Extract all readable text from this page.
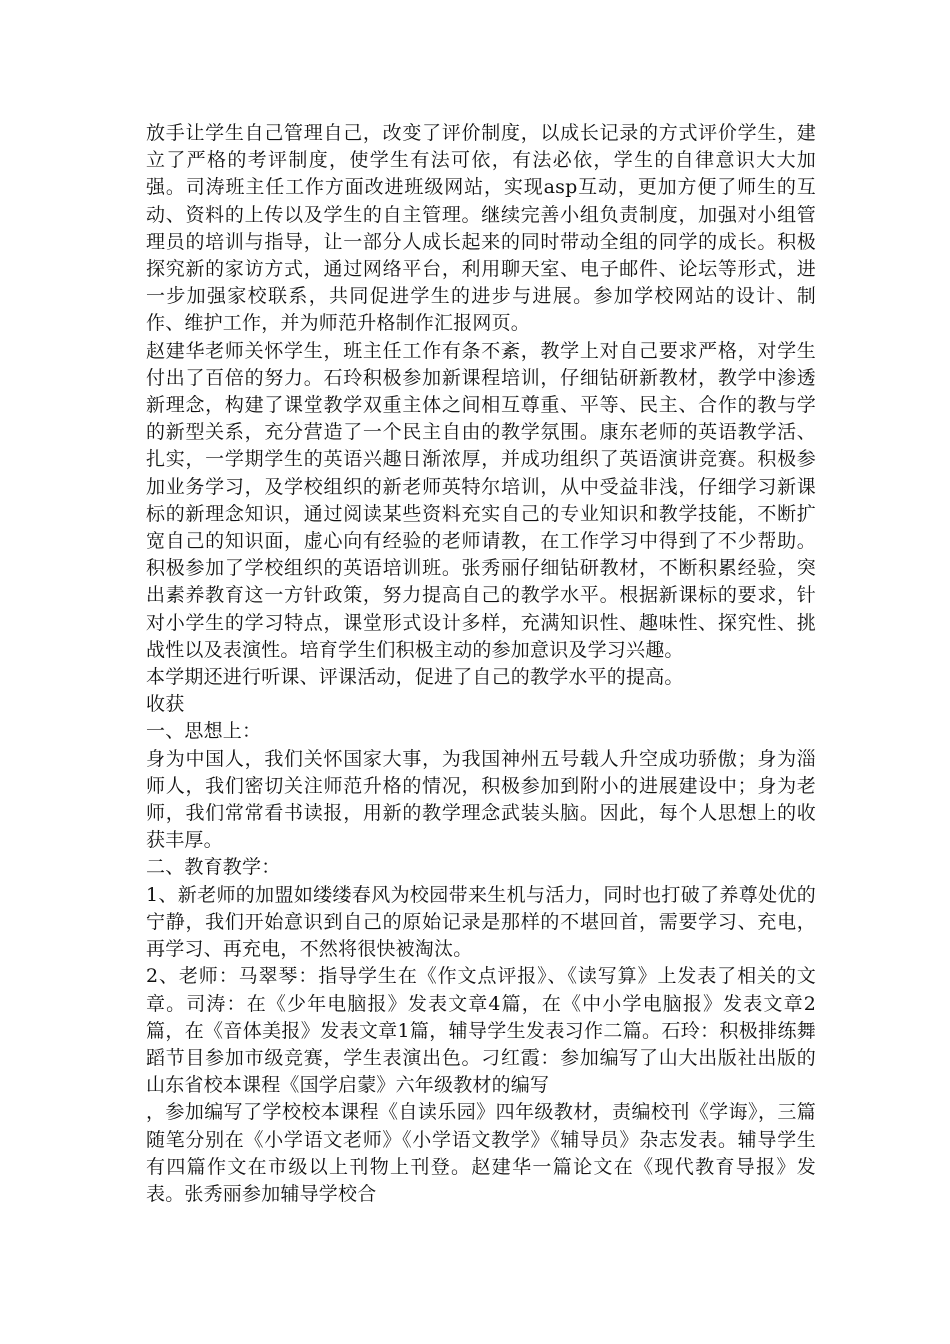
放手让学生自己管理自己，改变了评价制度，以成长记录的方式评价学生，建立了严格的考评制度，使学生有法可依，有法必依，学生的自律意识大大加强。司涛班主任工作方面改进班级网站，实现asp互动，更加方便了师生的互动、资料的上传以及学生的自主管理。继续完善小组负责制度，加强对小组管理员的培训与指导，让一部分人成长起来的同时带动全组的同学的成长。积极探究新的家访方式，通过网络平台，利用聊天室、电子邮件、论坛等形式，进一步加强家校联系，共同促进学生的进步与进展。参加学校网站的设计、制作、维护工作，并为师范升格制作汇报网页。

赵建华老师关怀学生，班主任工作有条不紊，教学上对自己要求严格，对学生付出了百倍的努力。石玲积极参加新课程培训，仔细钻研新教材，教学中渗透新理念，构建了课堂教学双重主体之间相互尊重、平等、民主、合作的教与学的新型关系，充分营造了一个民主自由的教学氛围。康东老师的英语教学活、扎实，一学期学生的英语兴趣日渐浓厚，并成功组织了英语演讲竞赛。积极参加业务学习，及学校组织的新老师英特尔培训，从中受益非浅，仔细学习新课标的新理念知识，通过阅读某些资料充实自己的专业知识和教学技能，不断扩宽自己的知识面，虚心向有经验的老师请教，在工作学习中得到了不少帮助。积极参加了学校组织的英语培训班。张秀丽仔细钻研教材，不断积累经验，突出素养教育这一方针政策，努力提高自己的教学水平。根据新课标的要求，针对小学生的学习特点，课堂形式设计多样，充满知识性、趣味性、探究性、挑战性以及表演性。培育学生们积极主动的参加意识及学习兴趣。

本学期还进行听课、评课活动，促进了自己的教学水平的提高。

收获

一、思想上：

身为中国人，我们关怀国家大事，为我国神州五号载人升空成功骄傲；身为淄师人，我们密切关注师范升格的情况，积极参加到附小的进展建设中；身为老师，我们常常看书读报，用新的教学理念武装头脑。因此，每个人思想上的收获丰厚。

二、教育教学：

1、新老师的加盟如缕缕春风为校园带来生机与活力，同时也打破了养尊处优的宁静，我们开始意识到自己的原始记录是那样的不堪回首，需要学习、充电，再学习、再充电，不然将很快被淘汰。

2、老师：马翠琴：指导学生在《作文点评报》、《读写算》上发表了相关的文章。司涛：在《少年电脑报》发表文章4篇，在《中小学电脑报》发表文章2篇，在《音体美报》发表文章1篇，辅导学生发表习作二篇。石玲：积极排练舞蹈节目参加市级竞赛，学生表演出色。刁红霞：参加编写了山大出版社出版的山东省校本课程《国学启蒙》六年级教材的编写

，参加编写了学校校本课程《自读乐园》四年级教材，责编校刊《学诲》，三篇随笔分别在《小学语文老师》《小学语文教学》《辅导员》杂志发表。辅导学生有四篇作文在市级以上刊物上刊登。赵建华一篇论文在《现代教育导报》发表。张秀丽参加辅导学校合
